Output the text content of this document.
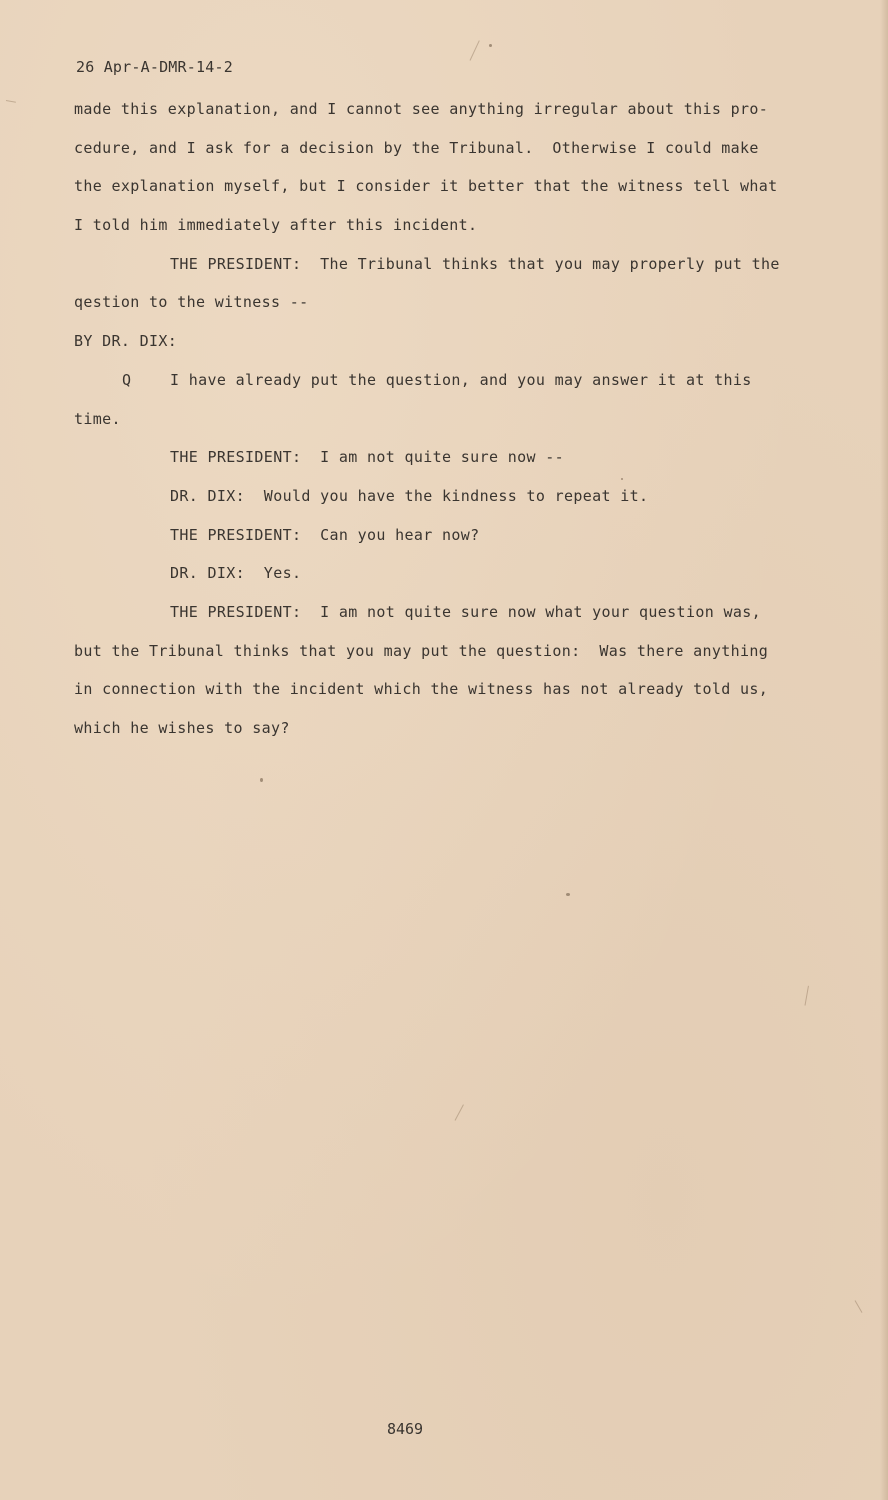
26 Apr-A-DMR-14-2
made this explanation, and I cannot see anything irregular about this pro-
cedure, and I ask for a decision by the Tribunal.  Otherwise I could make
the explanation myself, but I consider it better that the witness tell what
I told him immediately after this incident.
THE PRESIDENT:  The Tribunal thinks that you may properly put the
qestion to the witness --
BY DR. DIX:
Q	I have already put the question, and you may answer it at this
time.
THE PRESIDENT:  I am not quite sure now --
DR. DIX:  Would you have the kindness to repeat it.
THE PRESIDENT:  Can you hear now?
DR. DIX:  Yes.
THE PRESIDENT:  I am not quite sure now what your question was,
but the Tribunal thinks that you may put the question:  Was there anything
in connection with the incident which the witness has not already told us,
which he wishes to say?
8469
